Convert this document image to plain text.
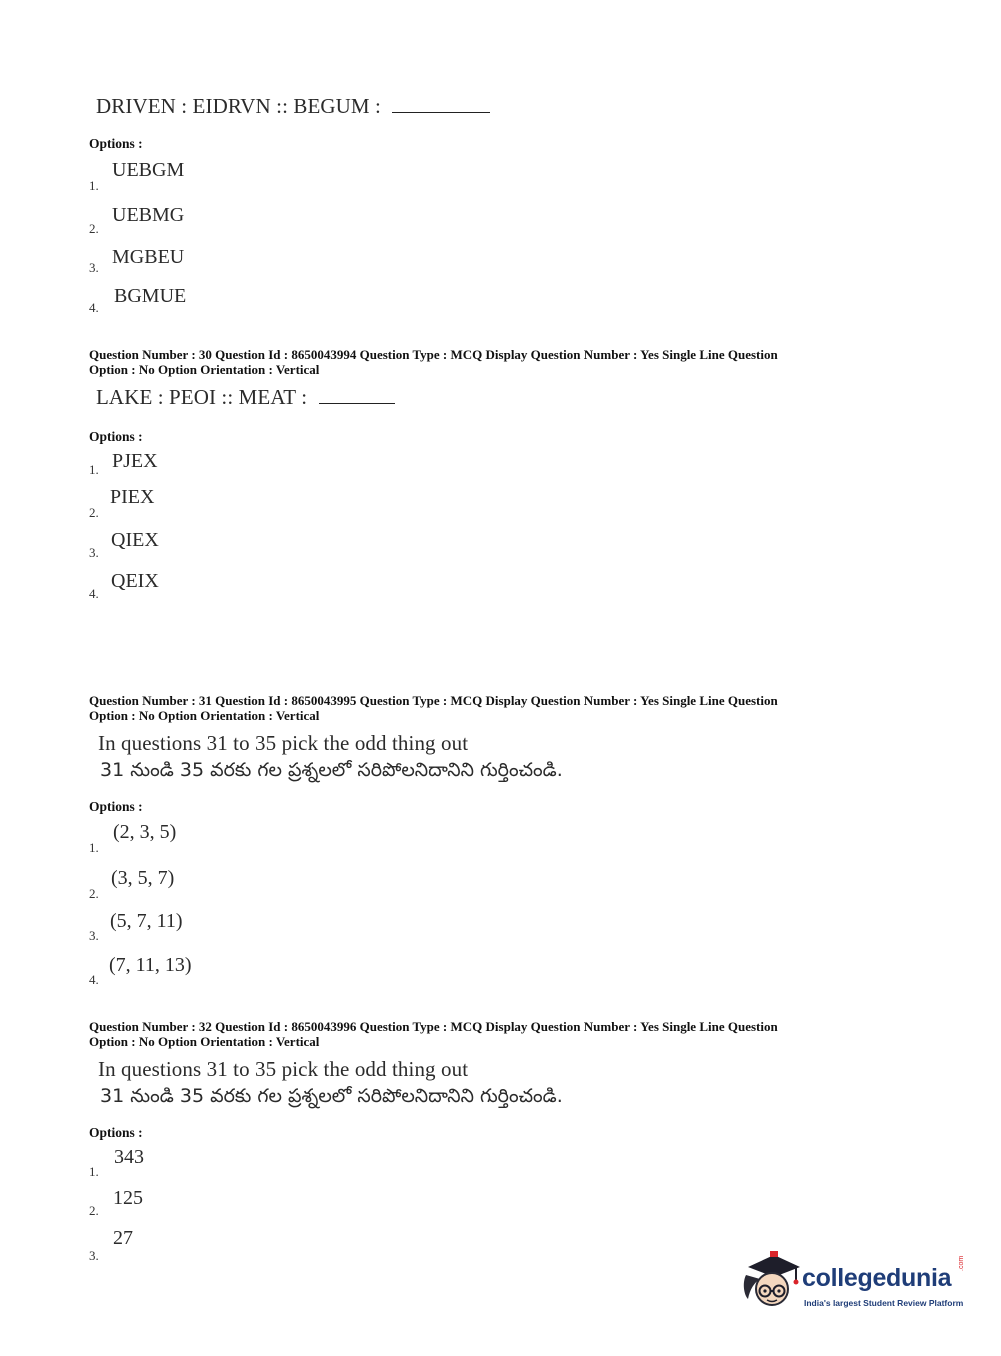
DRIVEN : EIDRVN :: BEGUM :
Options :
1.
UEBGM
2.
UEBMG
3. MGBEU
4.
BGMUE
Question Number : 30 Question Id : 8650043994 Question Type : MCQ Display Question Number : Yes Single Line Question
Option : No Option Orientation : Vertical
LAKE : PEOI :: MEAT :
Options :
1. PJEX
2.
PIEX
3.
QIEX
4.
QEIX
Question Number : 31 Question Id : 8650043995 Question Type : MCQ Display Question Number : Yes Single Line Question
Option : No Option Orientation : Vertical
In questions 31 to 35 pick the odd thing out
31 నుండి 35 వరకు గల ప్రశ్నలలో సరిపోలనిదానిని గుర్తించండి.
Options :
1.
(2, 3, 5)
2.
(3, 5, 7)
3.
(5, 7, 11)
4.
(7, 11, 13)
Question Number : 32 Question Id : 8650043996 Question Type : MCQ Display Question Number : Yes Single Line Question
Option : No Option Orientation : Vertical
In questions 31 to 35 pick the odd thing out
31 నుండి 35 వరకు గల ప్రశ్నలలో సరిపోలనిదానిని గుర్తించండి.
Options :
1.
343
2.
125
3.
27
collegedunia
.com
India's largest Student Review Platform
